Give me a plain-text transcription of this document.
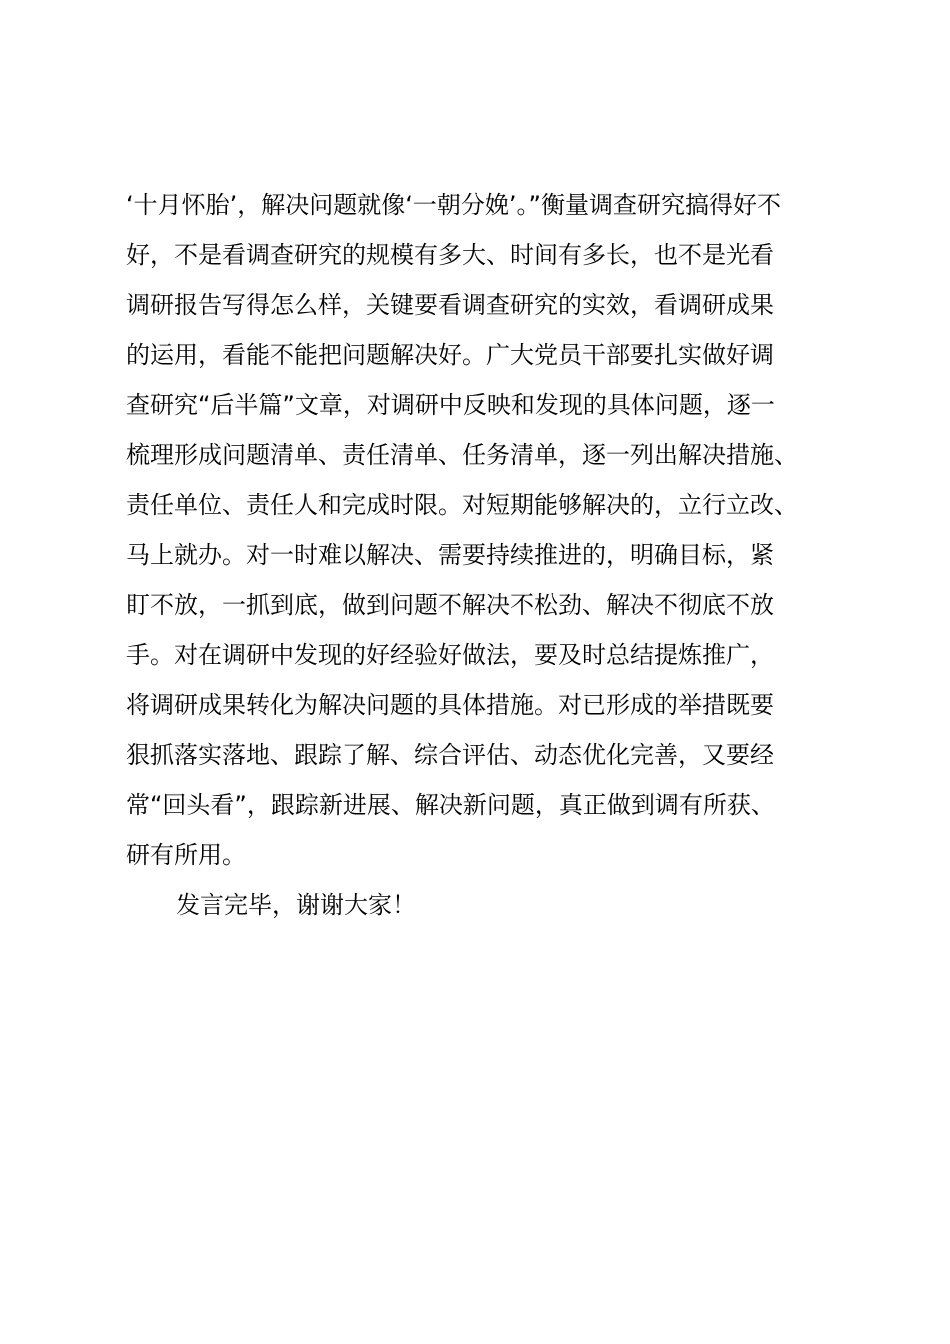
‘十月怀胎’，解决问题就像‘一朝分娩’。”衡量调查研究搞得好不
好，不是看调查研究的规模有多大、时间有多长，也不是光看
调研报告写得怎么样，关键要看调查研究的实效，看调研成果
的运用，看能不能把问题解决好。广大党员干部要扎实做好调
查研究“后半篇”文章，对调研中反映和发现的具体问题，逐一
梳理形成问题清单、责任清单、任务清单，逐一列出解决措施、
责任单位、责任人和完成时限。对短期能够解决的，立行立改、
马上就办。对一时难以解决、需要持续推进的，明确目标，紧
盯不放，一抓到底，做到问题不解决不松劲、解决不彻底不放
手。对在调研中发现的好经验好做法，要及时总结提炼推广，
将调研成果转化为解决问题的具体措施。对已形成的举措既要
狠抓落实落地、跟踪了解、综合评估、动态优化完善，又要经
常“回头看”，跟踪新进展、解决新问题，真正做到调有所获、
研有所用。
发言完毕，谢谢大家！
